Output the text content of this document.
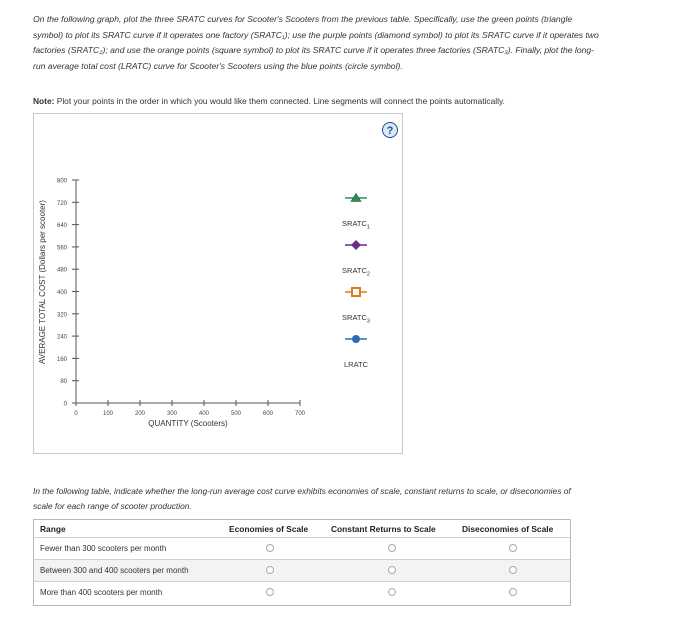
On the following graph, plot the three SRATC curves for Scooter's Scooters from the previous table. Specifically, use the green points (triangle
symbol) to plot its SRATC curve if it operates one factory (SRATC₁); use the purple points (diamond symbol) to plot its SRATC curve if it operates two
factories (SRATC₂); and use the orange points (square symbol) to plot its SRATC curve if it operates three factories (SRATC₃). Finally, plot the long-
run average total cost (LRATC) curve for Scooter's Scooters using the blue points (circle symbol).
Note: Plot your points in the order in which you would like them connected. Line segments will connect the points automatically.
?
800
720
640
560
480
400
320
240
160
80
0
0	100	200	300	400	500	600	700
$SRATC_1$
$SRATC_2$
$SRATC_3$
LRATC
AVERAGE TOTAL COST (Dollars per scooter)
QUANTITY (Scooters)
In the following table, indicate whether the long-run average cost curve exhibits economies of scale, constant returns to scale, or diseconomies of
scale for each range of scooter production.
Range	Economies of Scale	Constant Returns to Scale	Diseconomies of Scale
Fewer than 300 scooters per month
Between 300 and 400 scooters per month
More than 400 scooters per month
